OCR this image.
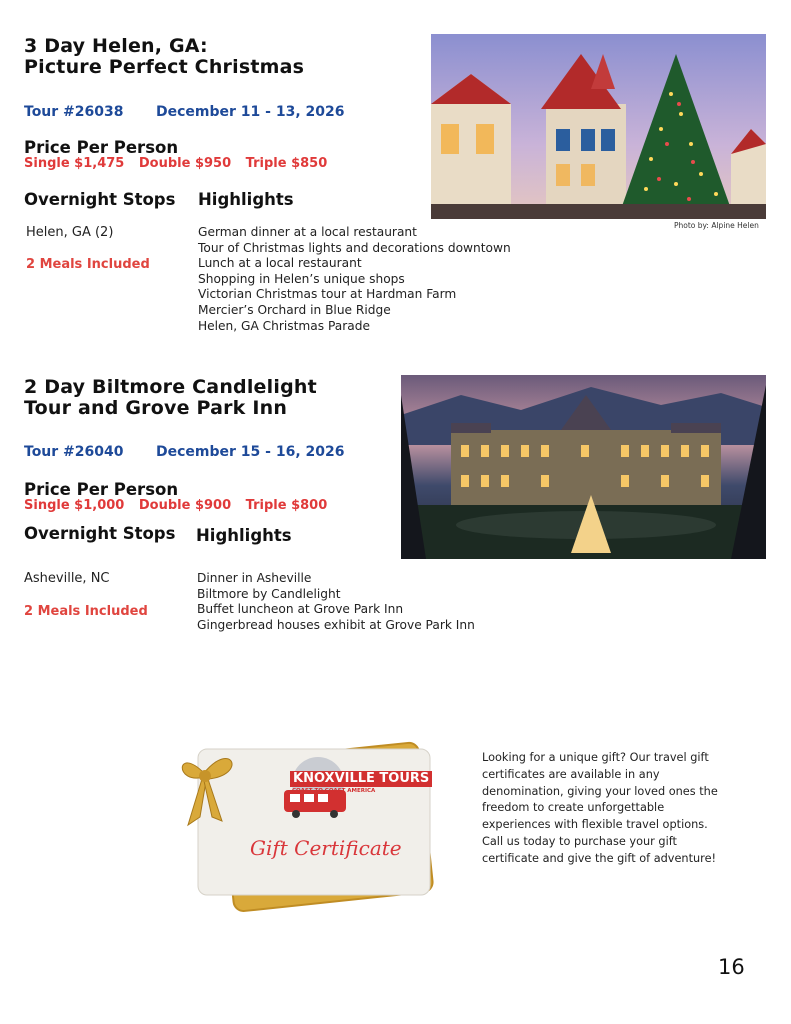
3 Day Helen, GA:
Picture Perfect Christmas
Tour #26038 December 11 - 13, 2026
Price Per Person
Single $1,475 Double $950 Triple $850
Overnight Stops Highlights
Helen, GA (2)
2 Meals Included
German dinner at a local restaurant
Tour of Christmas lights and decorations downtown
Lunch at a local restaurant
Shopping in Helen’s unique shops
Victorian Christmas tour at Hardman Farm
Mercier’s Orchard in Blue Ridge
Helen, GA Christmas Parade
Photo by: Alpine Helen
2 Day Biltmore Candlelight
Tour and Grove Park Inn
Tour #26040 December 15 - 16, 2026
Price Per Person
Single $1,000 Double $900 Triple $800
Overnight Stops Highlights
Asheville, NC
2 Meals Included
Dinner in Asheville
Biltmore by Candlelight
Buffet luncheon at Grove Park Inn
Gingerbread houses exhibit at Grove Park Inn
KNOXVILLE TOURS
COAST TO COAST AMERICA
Gift Certificate
Looking for a unique gift? Our travel gift certificates are available in any denomination, giving your loved ones the freedom to create unforgettable experiences with flexible travel options. Call us today to purchase your gift certificate and give the gift of adventure!
16
